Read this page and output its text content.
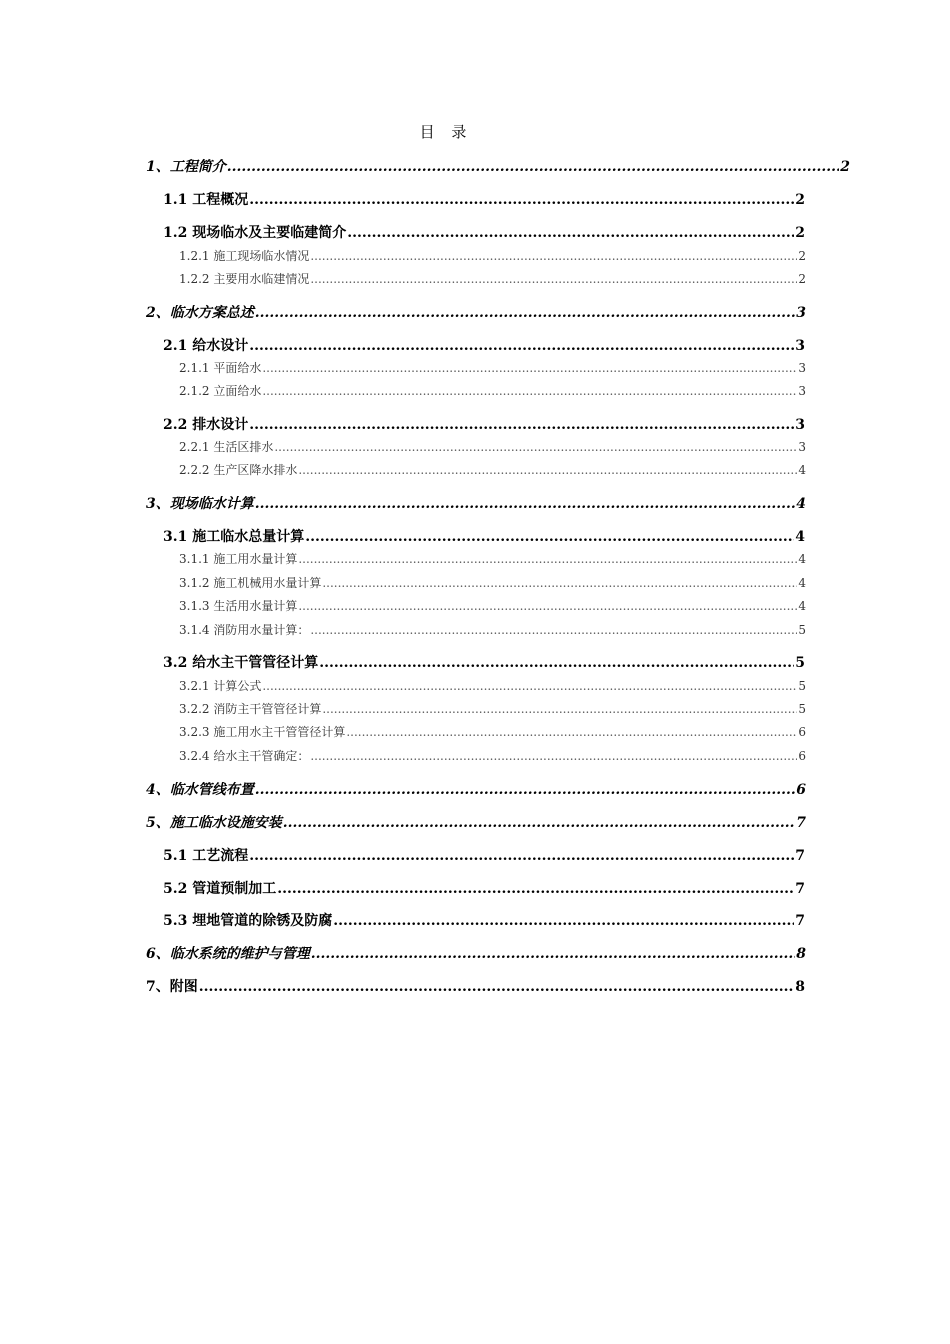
目 录
1、工程简介 .....	2
1.1 工程概况 .....	2
1.2 现场临水及主要临建简介 .....	2
1.2.1 施工现场临水情况 .....	2
1.2.2 主要用水临建情况 .....	2
2、临水方案总述 .....	3
2.1 给水设计 .....	3
2.1.1 平面给水 .....	3
2.1.2 立面给水 .....	3
2.2 排水设计 .....	3
2.2.1 生活区排水 .....	3
2.2.2 生产区降水排水 .....	4
3、现场临水计算 .....	4
3.1 施工临水总量计算 .....	4
3.1.1 施工用水量计算 .....	4
3.1.2 施工机械用水量计算 .....	4
3.1.3 生活用水量计算 .....	4
3.1.4 消防用水量计算： .....	5
3.2 给水主干管管径计算 .....	5
3.2.1 计算公式 .....	5
3.2.2 消防主干管管径计算 .....	5
3.2.3 施工用水主干管管径计算 .....	6
3.2.4 给水主干管确定： .....	6
4、临水管线布置 .....	6
5、施工临水设施安装 .....	7
5.1 工艺流程 .....	7
5.2 管道预制加工 .....	7
5.3 埋地管道的除锈及防腐 .....	7
6、临水系统的维护与管理 .....	8
7、附图 .....	8
